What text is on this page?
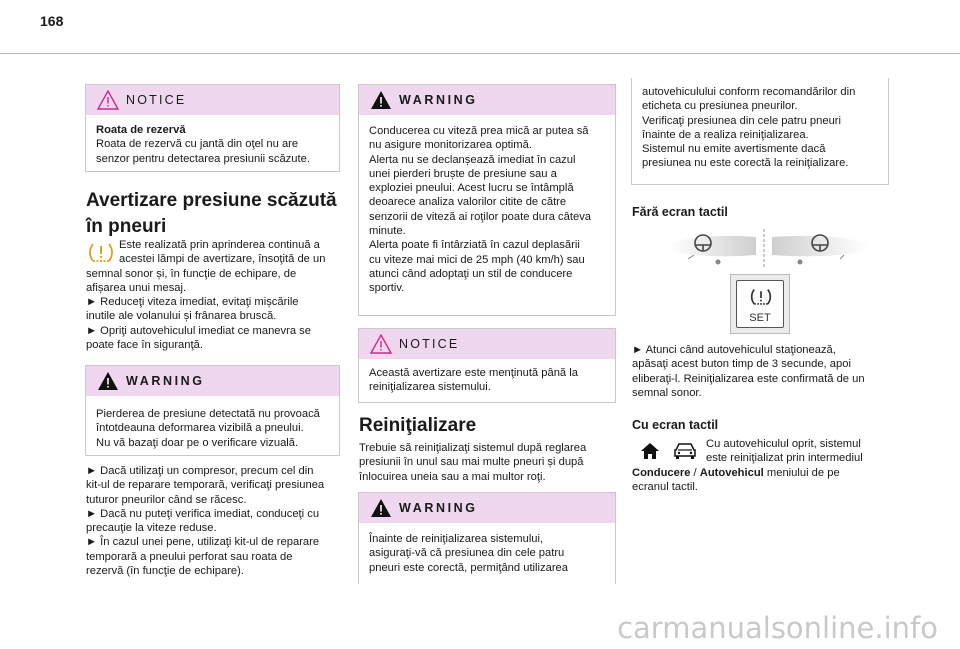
168
NOTICE

Roata de rezervă

Roata de rezervă cu jantă din oţel nu are

senzor pentru detectarea presiunii scăzute.

Avertizare presiune scăzută
în pneuri

Este realizată prin aprinderea continuă a

acestei lămpi de avertizare, însoţită de un

semnal sonor și, în funcţie de echipare, de

afișarea unui mesaj.

► Reduceţi viteza imediat, evitaţi mișcările

inutile ale volanului și frânarea bruscă.

► Opriţi autovehiculul imediat ce manevra se

poate face în siguranţă.

WARNING

Pierderea de presiune detectată nu provoacă

întotdeauna deformarea vizibilă a pneului.

Nu vă bazaţi doar pe o verificare vizuală.

► Dacă utilizaţi un compresor, precum cel din

kit-ul de reparare temporară, verificaţi presiunea

tuturor pneurilor când se răcesc.

► Dacă nu puteţi verifica imediat, conduceţi cu

precauţie la viteze reduse.

► În cazul unei pene, utilizaţi kit-ul de reparare

temporară a pneului perforat sau roata de

rezervă (în funcţie de echipare).

WARNING

Conducerea cu viteză prea mică ar putea să

nu asigure monitorizarea optimă.

Alerta nu se declanșează imediat în cazul

unei pierderi bruște de presiune sau a

exploziei pneului. Acest lucru se întâmplă

deoarece analiza valorilor citite de către

senzorii de viteză ai roţilor poate dura câteva

minute.

Alerta poate fi întârziată în cazul deplasării

cu viteze mai mici de 25 mph (40 km/h) sau

atunci când adoptaţi un stil de conducere

sportiv.

NOTICE

Această avertizare este menţinută până la

reiniţializarea sistemului.

Reiniţializare

Trebuie să reiniţializaţi sistemul după reglarea

presiunii în unul sau mai multe pneuri și după

înlocuirea uneia sau a mai multor roţi.

WARNING

Înainte de reiniţializarea sistemului,

asiguraţi-vă că presiunea din cele patru

pneuri este corectă, permiţând utilizarea

autovehiculului conform recomandărilor din

eticheta cu presiunea pneurilor.

Verificaţi presiunea din cele patru pneuri

înainte de a realiza reiniţializarea.

Sistemul nu emite avertismente dacă

presiunea nu este corectă la reiniţializare.

Fără ecran tactil
SET

► Atunci când autovehiculul staţionează,

apăsaţi acest buton timp de 3 secunde, apoi

eliberaţi-l. Reiniţializarea este confirmată de un

semnal sonor.

Cu ecran tactil

Cu autovehiculul oprit, sistemul

este reiniţializat prin intermediul

Conducere / Autovehicul meniului de pe

ecranul tactil.

carmanualsonline.info
